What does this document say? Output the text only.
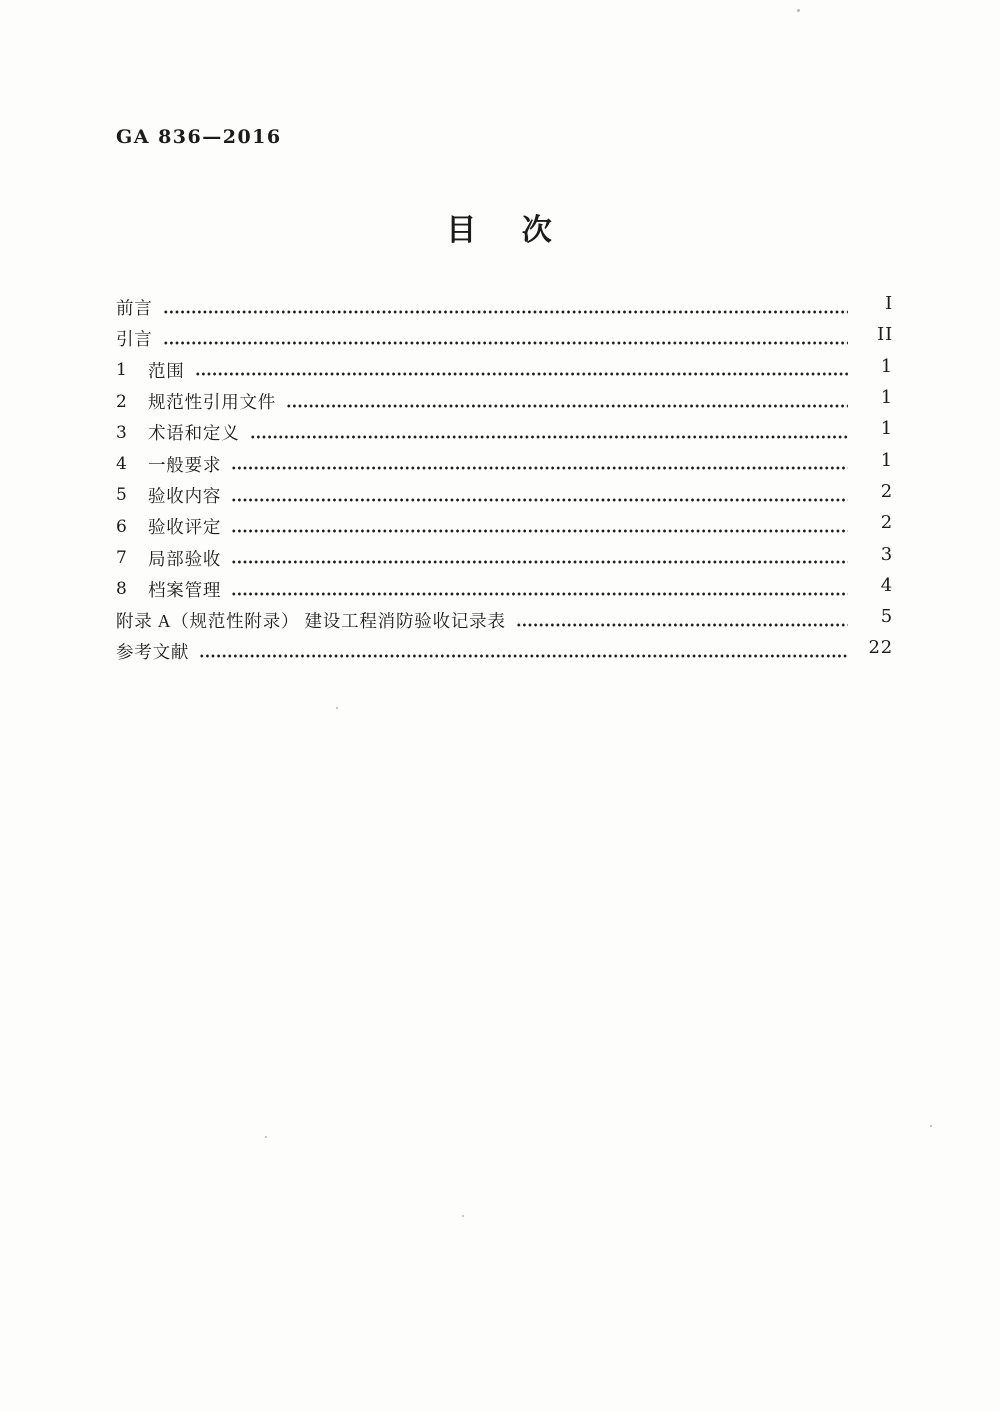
GA 836—2016
目 次
前言	I
引言	II
1 范围	1
2 规范性引用文件	1
3 术语和定义	1
4 一般要求	1
5 验收内容	2
6 验收评定	2
7 局部验收	3
8 档案管理	4
附录 A（规范性附录） 建设工程消防验收记录表	5
参考文献	22
